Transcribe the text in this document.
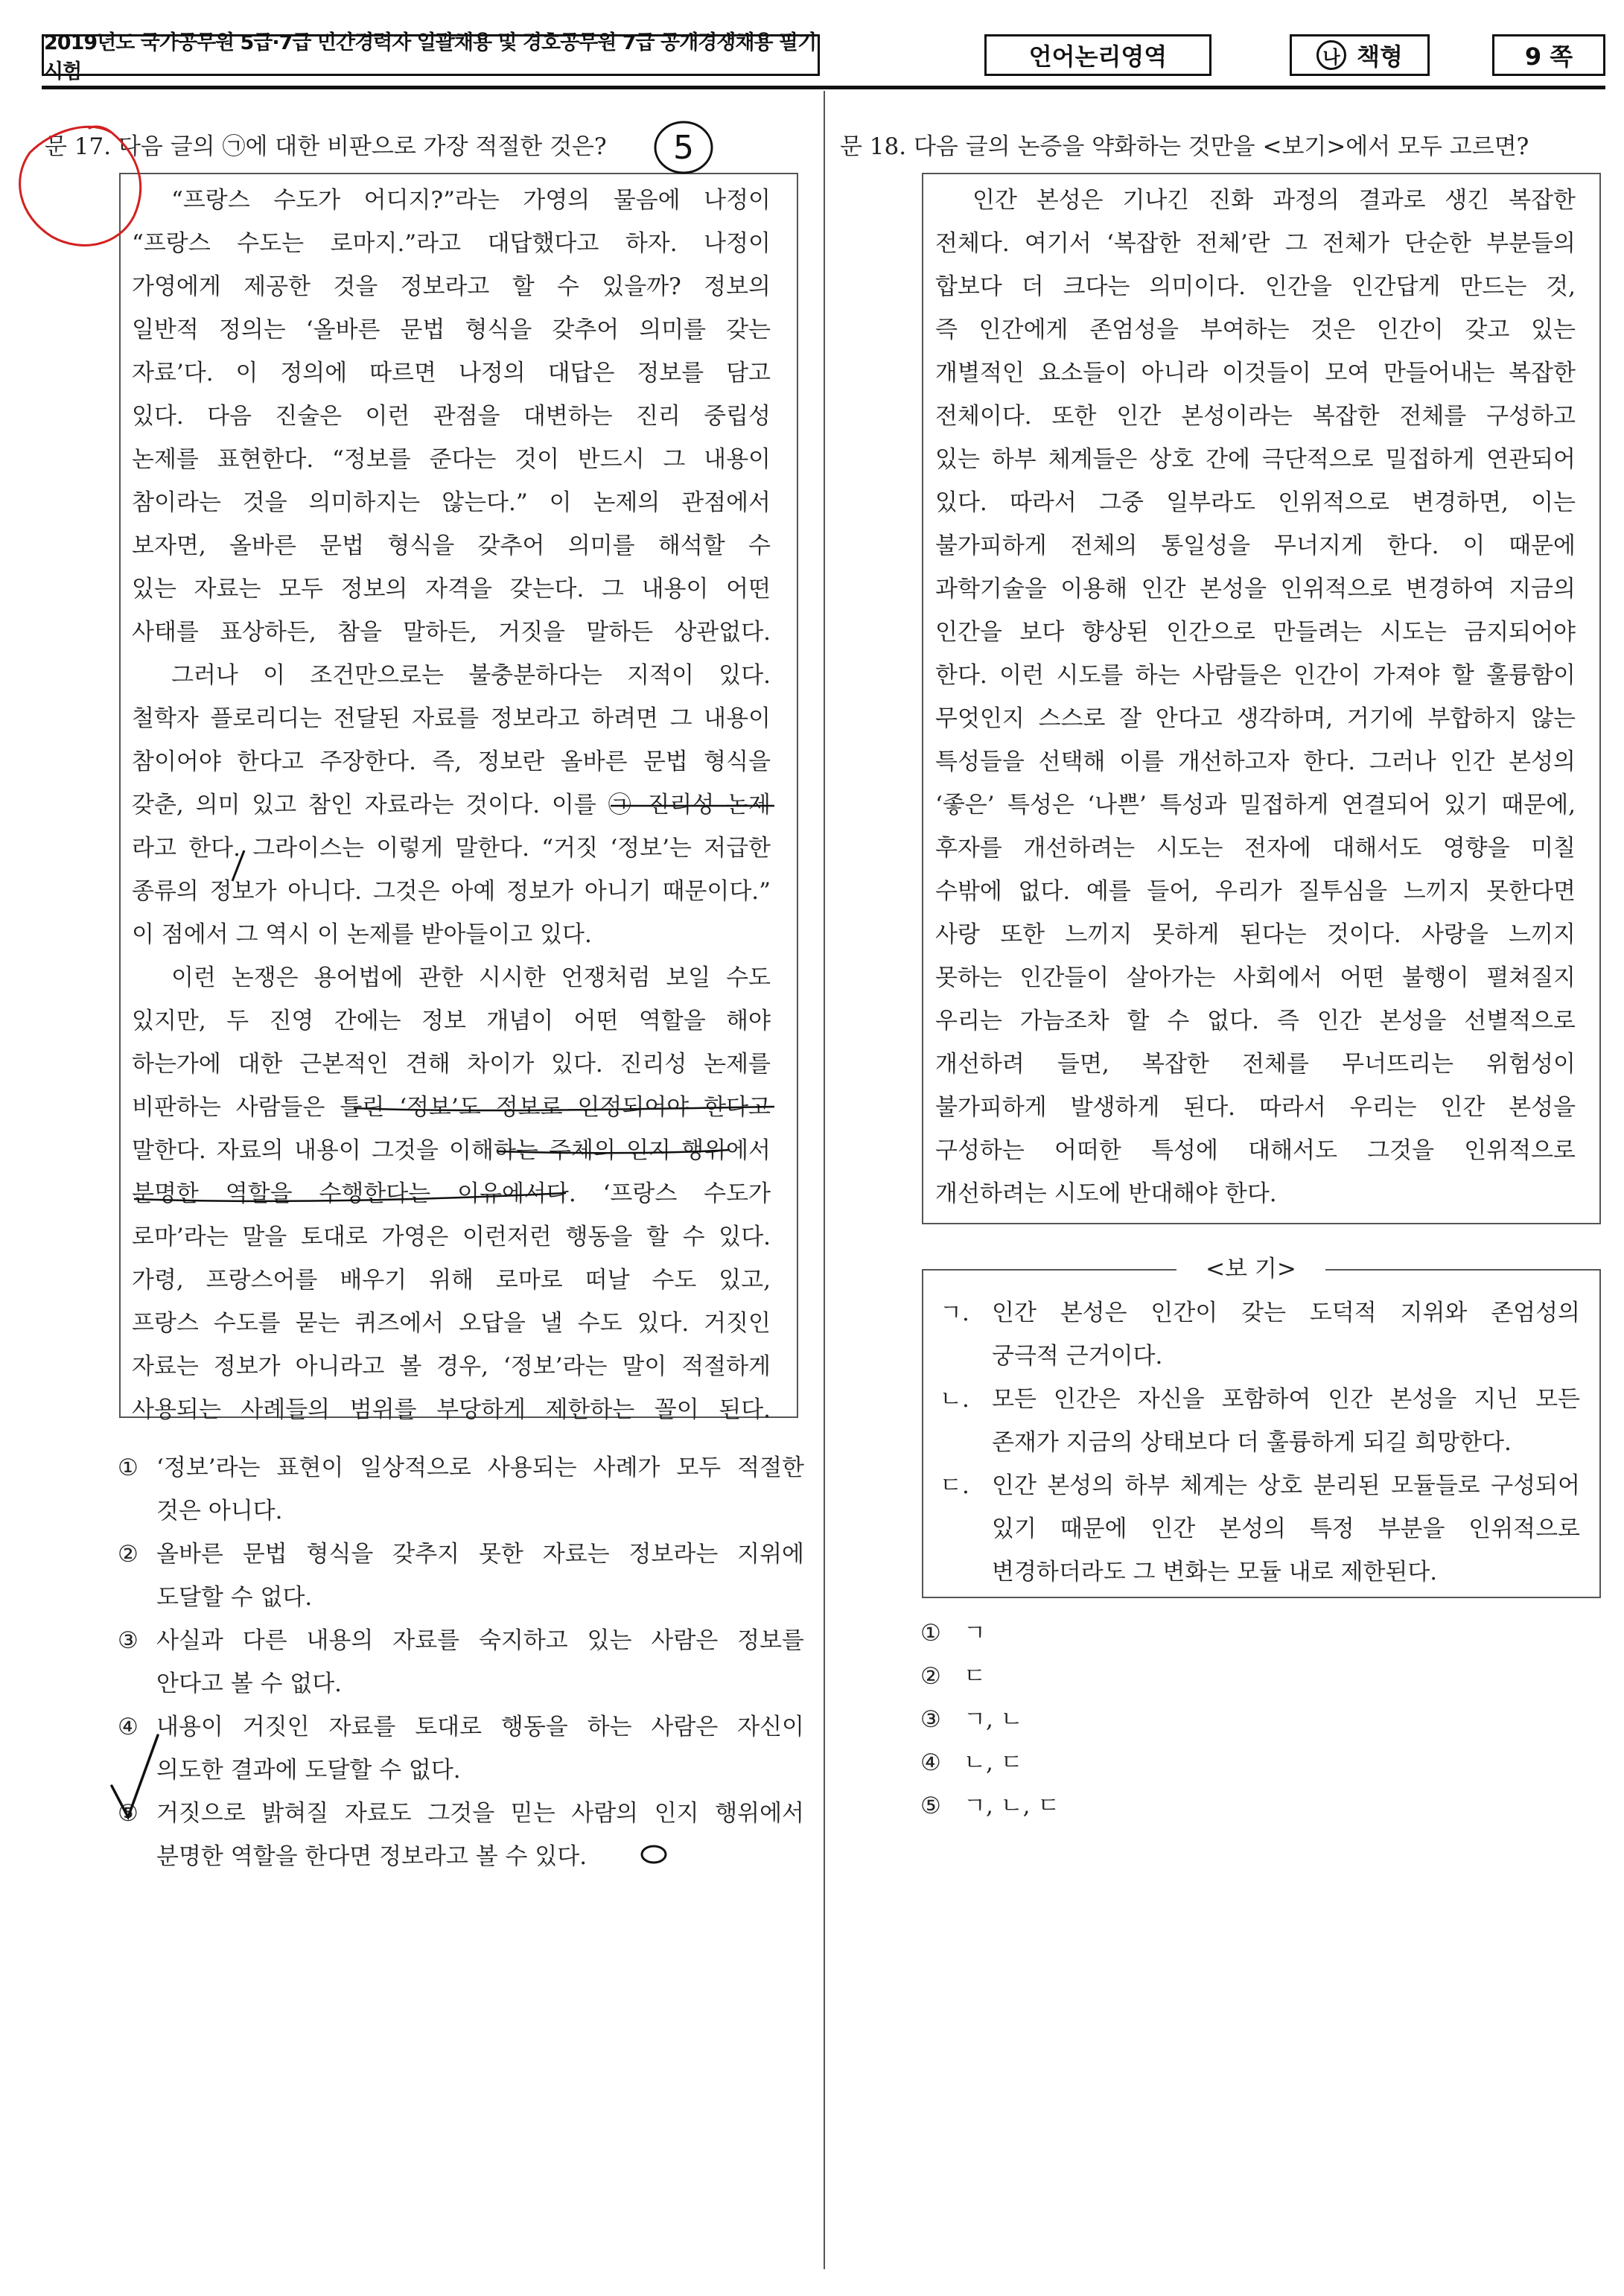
2019년도 국가공무원 5급·7급 민간경력자 일괄채용 및 경호공무원 7급 공개경쟁채용 필기시험
언어논리영역	나 책형	9 쪽
문 17. 다음 글의 ㉠에 대한 비판으로 가장 적절한 것은?
“프랑스 수도가 어디지?”라는 가영의 물음에 나정이
“프랑스 수도는 로마지.”라고 대답했다고 하자. 나정이
가영에게 제공한 것을 정보라고 할 수 있을까? 정보의
일반적 정의는 ‘올바른 문법 형식을 갖추어 의미를 갖는
자료’다. 이 정의에 따르면 나정의 대답은 정보를 담고
있다. 다음 진술은 이런 관점을 대변하는 진리 중립성
논제를 표현한다. “정보를 준다는 것이 반드시 그 내용이
참이라는 것을 의미하지는 않는다.” 이 논제의 관점에서
보자면, 올바른 문법 형식을 갖추어 의미를 해석할 수
있는 자료는 모두 정보의 자격을 갖는다. 그 내용이 어떤
사태를 표상하든, 참을 말하든, 거짓을 말하든 상관없다.
그러나 이 조건만으로는 불충분하다는 지적이 있다.
철학자 플로리디는 전달된 자료를 정보라고 하려면 그 내용이
참이어야 한다고 주장한다. 즉, 정보란 올바른 문법 형식을
갖춘, 의미 있고 참인 자료라는 것이다. 이를 ㉠ 진리성 논제
라고 한다. 그라이스는 이렇게 말한다. “거짓 ‘정보’는 저급한
종류의 정보가 아니다. 그것은 아예 정보가 아니기 때문이다.”
이 점에서 그 역시 이 논제를 받아들이고 있다.
이런 논쟁은 용어법에 관한 시시한 언쟁처럼 보일 수도
있지만, 두 진영 간에는 정보 개념이 어떤 역할을 해야
하는가에 대한 근본적인 견해 차이가 있다. 진리성 논제를
비판하는 사람들은 틀린 ‘정보’도 정보로 인정되어야 한다고
말한다. 자료의 내용이 그것을 이해하는 주체의 인지 행위에서
분명한 역할을 수행한다는 이유에서다. ‘프랑스 수도가
로마’라는 말을 토대로 가영은 이런저런 행동을 할 수 있다.
가령, 프랑스어를 배우기 위해 로마로 떠날 수도 있고,
프랑스 수도를 묻는 퀴즈에서 오답을 낼 수도 있다. 거짓인
자료는 정보가 아니라고 볼 경우, ‘정보’라는 말이 적절하게
사용되는 사례들의 범위를 부당하게 제한하는 꼴이 된다.
① ‘정보’라는 표현이 일상적으로 사용되는 사례가 모두 적절한
것은 아니다.
② 올바른 문법 형식을 갖추지 못한 자료는 정보라는 지위에
도달할 수 없다.
③ 사실과 다른 내용의 자료를 숙지하고 있는 사람은 정보를
안다고 볼 수 없다.
④ 내용이 거짓인 자료를 토대로 행동을 하는 사람은 자신이
의도한 결과에 도달할 수 없다.
⑤ 거짓으로 밝혀질 자료도 그것을 믿는 사람의 인지 행위에서
분명한 역할을 한다면 정보라고 볼 수 있다.
문 18. 다음 글의 논증을 약화하는 것만을 <보기>에서 모두 고르면?
인간 본성은 기나긴 진화 과정의 결과로 생긴 복잡한
전체다. 여기서 ‘복잡한 전체’란 그 전체가 단순한 부분들의
합보다 더 크다는 의미이다. 인간을 인간답게 만드는 것,
즉 인간에게 존엄성을 부여하는 것은 인간이 갖고 있는
개별적인 요소들이 아니라 이것들이 모여 만들어내는 복잡한
전체이다. 또한 인간 본성이라는 복잡한 전체를 구성하고
있는 하부 체계들은 상호 간에 극단적으로 밀접하게 연관되어
있다. 따라서 그중 일부라도 인위적으로 변경하면, 이는
불가피하게 전체의 통일성을 무너지게 한다. 이 때문에
과학기술을 이용해 인간 본성을 인위적으로 변경하여 지금의
인간을 보다 향상된 인간으로 만들려는 시도는 금지되어야
한다. 이런 시도를 하는 사람들은 인간이 가져야 할 훌륭함이
무엇인지 스스로 잘 안다고 생각하며, 거기에 부합하지 않는
특성들을 선택해 이를 개선하고자 한다. 그러나 인간 본성의
‘좋은’ 특성은 ‘나쁜’ 특성과 밀접하게 연결되어 있기 때문에,
후자를 개선하려는 시도는 전자에 대해서도 영향을 미칠
수밖에 없다. 예를 들어, 우리가 질투심을 느끼지 못한다면
사랑 또한 느끼지 못하게 된다는 것이다. 사랑을 느끼지
못하는 인간들이 살아가는 사회에서 어떤 불행이 펼쳐질지
우리는 가늠조차 할 수 없다. 즉 인간 본성을 선별적으로
개선하려 들면, 복잡한 전체를 무너뜨리는 위험성이
불가피하게 발생하게 된다. 따라서 우리는 인간 본성을
구성하는 어떠한 특성에 대해서도 그것을 인위적으로
개선하려는 시도에 반대해야 한다.
<보 기>
ㄱ. 인간 본성은 인간이 갖는 도덕적 지위와 존엄성의
궁극적 근거이다.
ㄴ. 모든 인간은 자신을 포함하여 인간 본성을 지닌 모든
존재가 지금의 상태보다 더 훌륭하게 되길 희망한다.
ㄷ. 인간 본성의 하부 체계는 상호 분리된 모듈들로 구성되어
있기 때문에 인간 본성의 특정 부분을 인위적으로
변경하더라도 그 변화는 모듈 내로 제한된다.
① ㄱ
② ㄷ
③ ㄱ, ㄴ
④ ㄴ, ㄷ
⑤ ㄱ, ㄴ, ㄷ
5
